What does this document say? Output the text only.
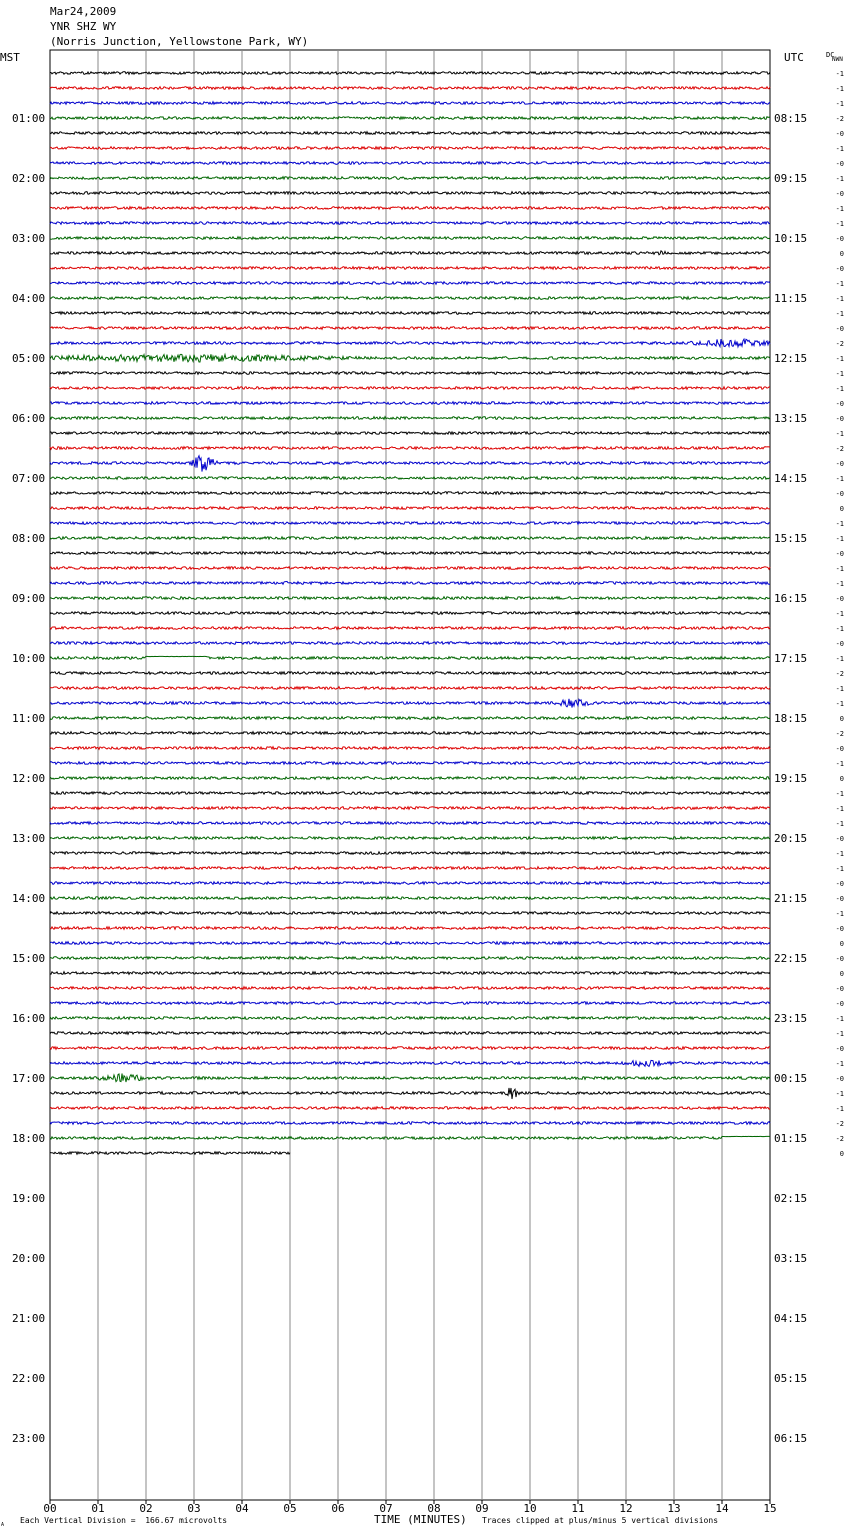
Mar24,2009
YNR SHZ WY
(Norris Junction, Yellowstone Park, WY)
01:00
02:00
03:00
04:00
05:00
06:00
07:00
08:00
09:00
10:00
11:00
12:00
13:00
14:00
15:00
16:00
17:00
18:00
19:00
20:00
21:00
22:00
23:00
08:15
09:15
10:15
11:15
12:15
13:15
14:15
15:15
16:15
17:15
18:15
19:15
20:15
21:15
22:15
23:15
00:15
01:15
02:15
03:15
04:15
05:15
06:15
-1
-1
-1
-2
-0
-1
-0
-1
-0
-1
-1
-0
0
-0
-1
-1
-1
-0
-2
-1
-1
-1
-0
-0
-1
-2
-0
-1
-0
0
-1
-1
-0
-1
-1
-0
-1
-1
-0
-1
-2
-1
-1
0
-2
-0
-1
0
-1
-1
-1
-0
-1
-1
-0
-0
-1
-0
0
-0
0
-0
-0
-1
-1
-0
-1
-0
-1
-1
-2
-2
0
00	01	02	03	04	05	06	07	08	09	10	11	12	13	14	15
MST	UTC	DC
NWN
A Each Vertical Division =  166.67 microvolts	TIME (MINUTES) Traces clipped at plus/minus 5 vertical divisions
